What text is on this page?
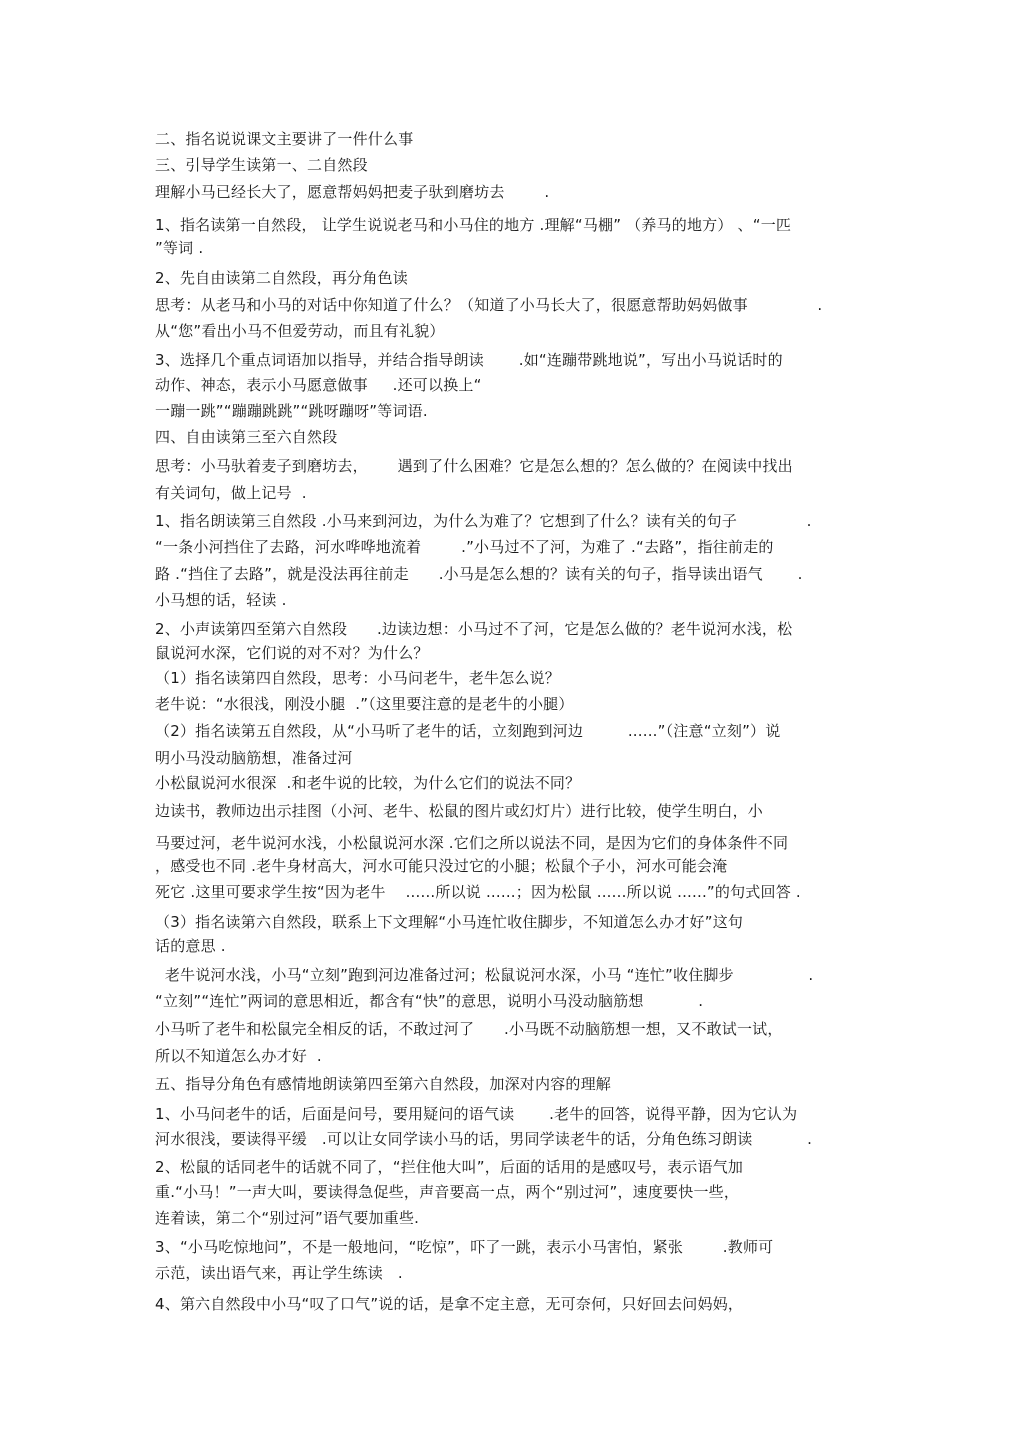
二、指名说说课文主要讲了一件什么事
三、引导学生读第一、二自然段
理解小马已经长大了，愿意帮妈妈把麦子驮到磨坊去        .
1、指名读第一自然段， 让学生说说老马和小马住的地方 .理解“马棚” （养马的地方） 、“一匹
”等词 .
2、先自由读第二自然段，再分角色读
思考：从老马和小马的对话中你知道了什么？（知道了小马长大了，很愿意帮助妈妈做事              .
从“您”看出小马不但爱劳动，而且有礼貌）
3、选择几个重点词语加以指导，并结合指导朗读       .如“连蹦带跳地说”，写出小马说话时的
动作、神态，表示小马愿意做事     .还可以换上“
一蹦一跳”“蹦蹦跳跳”“跳呀蹦呀”等词语.
四、自由读第三至六自然段
思考：小马驮着麦子到磨坊去，      遇到了什么困难？它是怎么想的？怎么做的？在阅读中找出
有关词句，做上记号  .
1、指名朗读第三自然段 .小马来到河边，为什么为难了？它想到了什么？读有关的句子              .
“一条小河挡住了去路，河水哗哗地流着        .”小马过不了河，为难了 .“去路”，指往前走的
路 .“挡住了去路”，就是没法再往前走      .小马是怎么想的？读有关的句子，指导读出语气       .
小马想的话，轻读 .
2、小声读第四至第六自然段      .边读边想：小马过不了河，它是怎么做的？老牛说河水浅，松
鼠说河水深，它们说的对不对？为什么？
（1）指名读第四自然段，思考：小马问老牛，老牛怎么说？
老牛说：“水很浅，刚没小腿  .”（这里要注意的是老牛的小腿）
（2）指名读第五自然段，从“小马听了老牛的话，立刻跑到河边         ......”（注意“立刻”）说
明小马没动脑筋想，准备过河
小松鼠说河水很深  .和老牛说的比较，为什么它们的说法不同？
边读书，教师边出示挂图（小河、老牛、松鼠的图片或幻灯片）进行比较，使学生明白，小
马要过河，老牛说河水浅，小松鼠说河水深 .它们之所以说法不同，是因为它们的身体条件不同
，感受也不同 .老牛身材高大，河水可能只没过它的小腿；松鼠个子小，河水可能会淹
死它 .这里可要求学生按“因为老牛    ......所以说 ......；因为松鼠 ......所以说 ......”的句式回答 .
（3）指名读第六自然段，联系上下文理解“小马连忙收住脚步，不知道怎么办才好”这句
话的意思 .
老牛说河水浅，小马“立刻”跑到河边准备过河；松鼠说河水深，小马 “连忙”收住脚步               .
“立刻”“连忙”两词的意思相近，都含有“快”的意思，说明小马没动脑筋想           .
小马听了老牛和松鼠完全相反的话，不敢过河了      .小马既不动脑筋想一想，又不敢试一试，
所以不知道怎么办才好  .
五、指导分角色有感情地朗读第四至第六自然段，加深对内容的理解
1、小马问老牛的话，后面是问号，要用疑问的语气读       .老牛的回答，说得平静，因为它认为
河水很浅，要读得平缓   .可以让女同学读小马的话，男同学读老牛的话，分角色练习朗读           .
2、松鼠的话同老牛的话就不同了，“拦住他大叫”，后面的话用的是感叹号，表示语气加
重.“小马！”一声大叫，要读得急促些，声音要高一点，两个“别过河”，速度要快一些，
连着读，第二个“别过河”语气要加重些.
3、“小马吃惊地问”，不是一般地问，“吃惊”，吓了一跳，表示小马害怕，紧张        .教师可
示范，读出语气来，再让学生练读   .
4、第六自然段中小马“叹了口气”说的话，是拿不定主意，无可奈何，只好回去问妈妈，
